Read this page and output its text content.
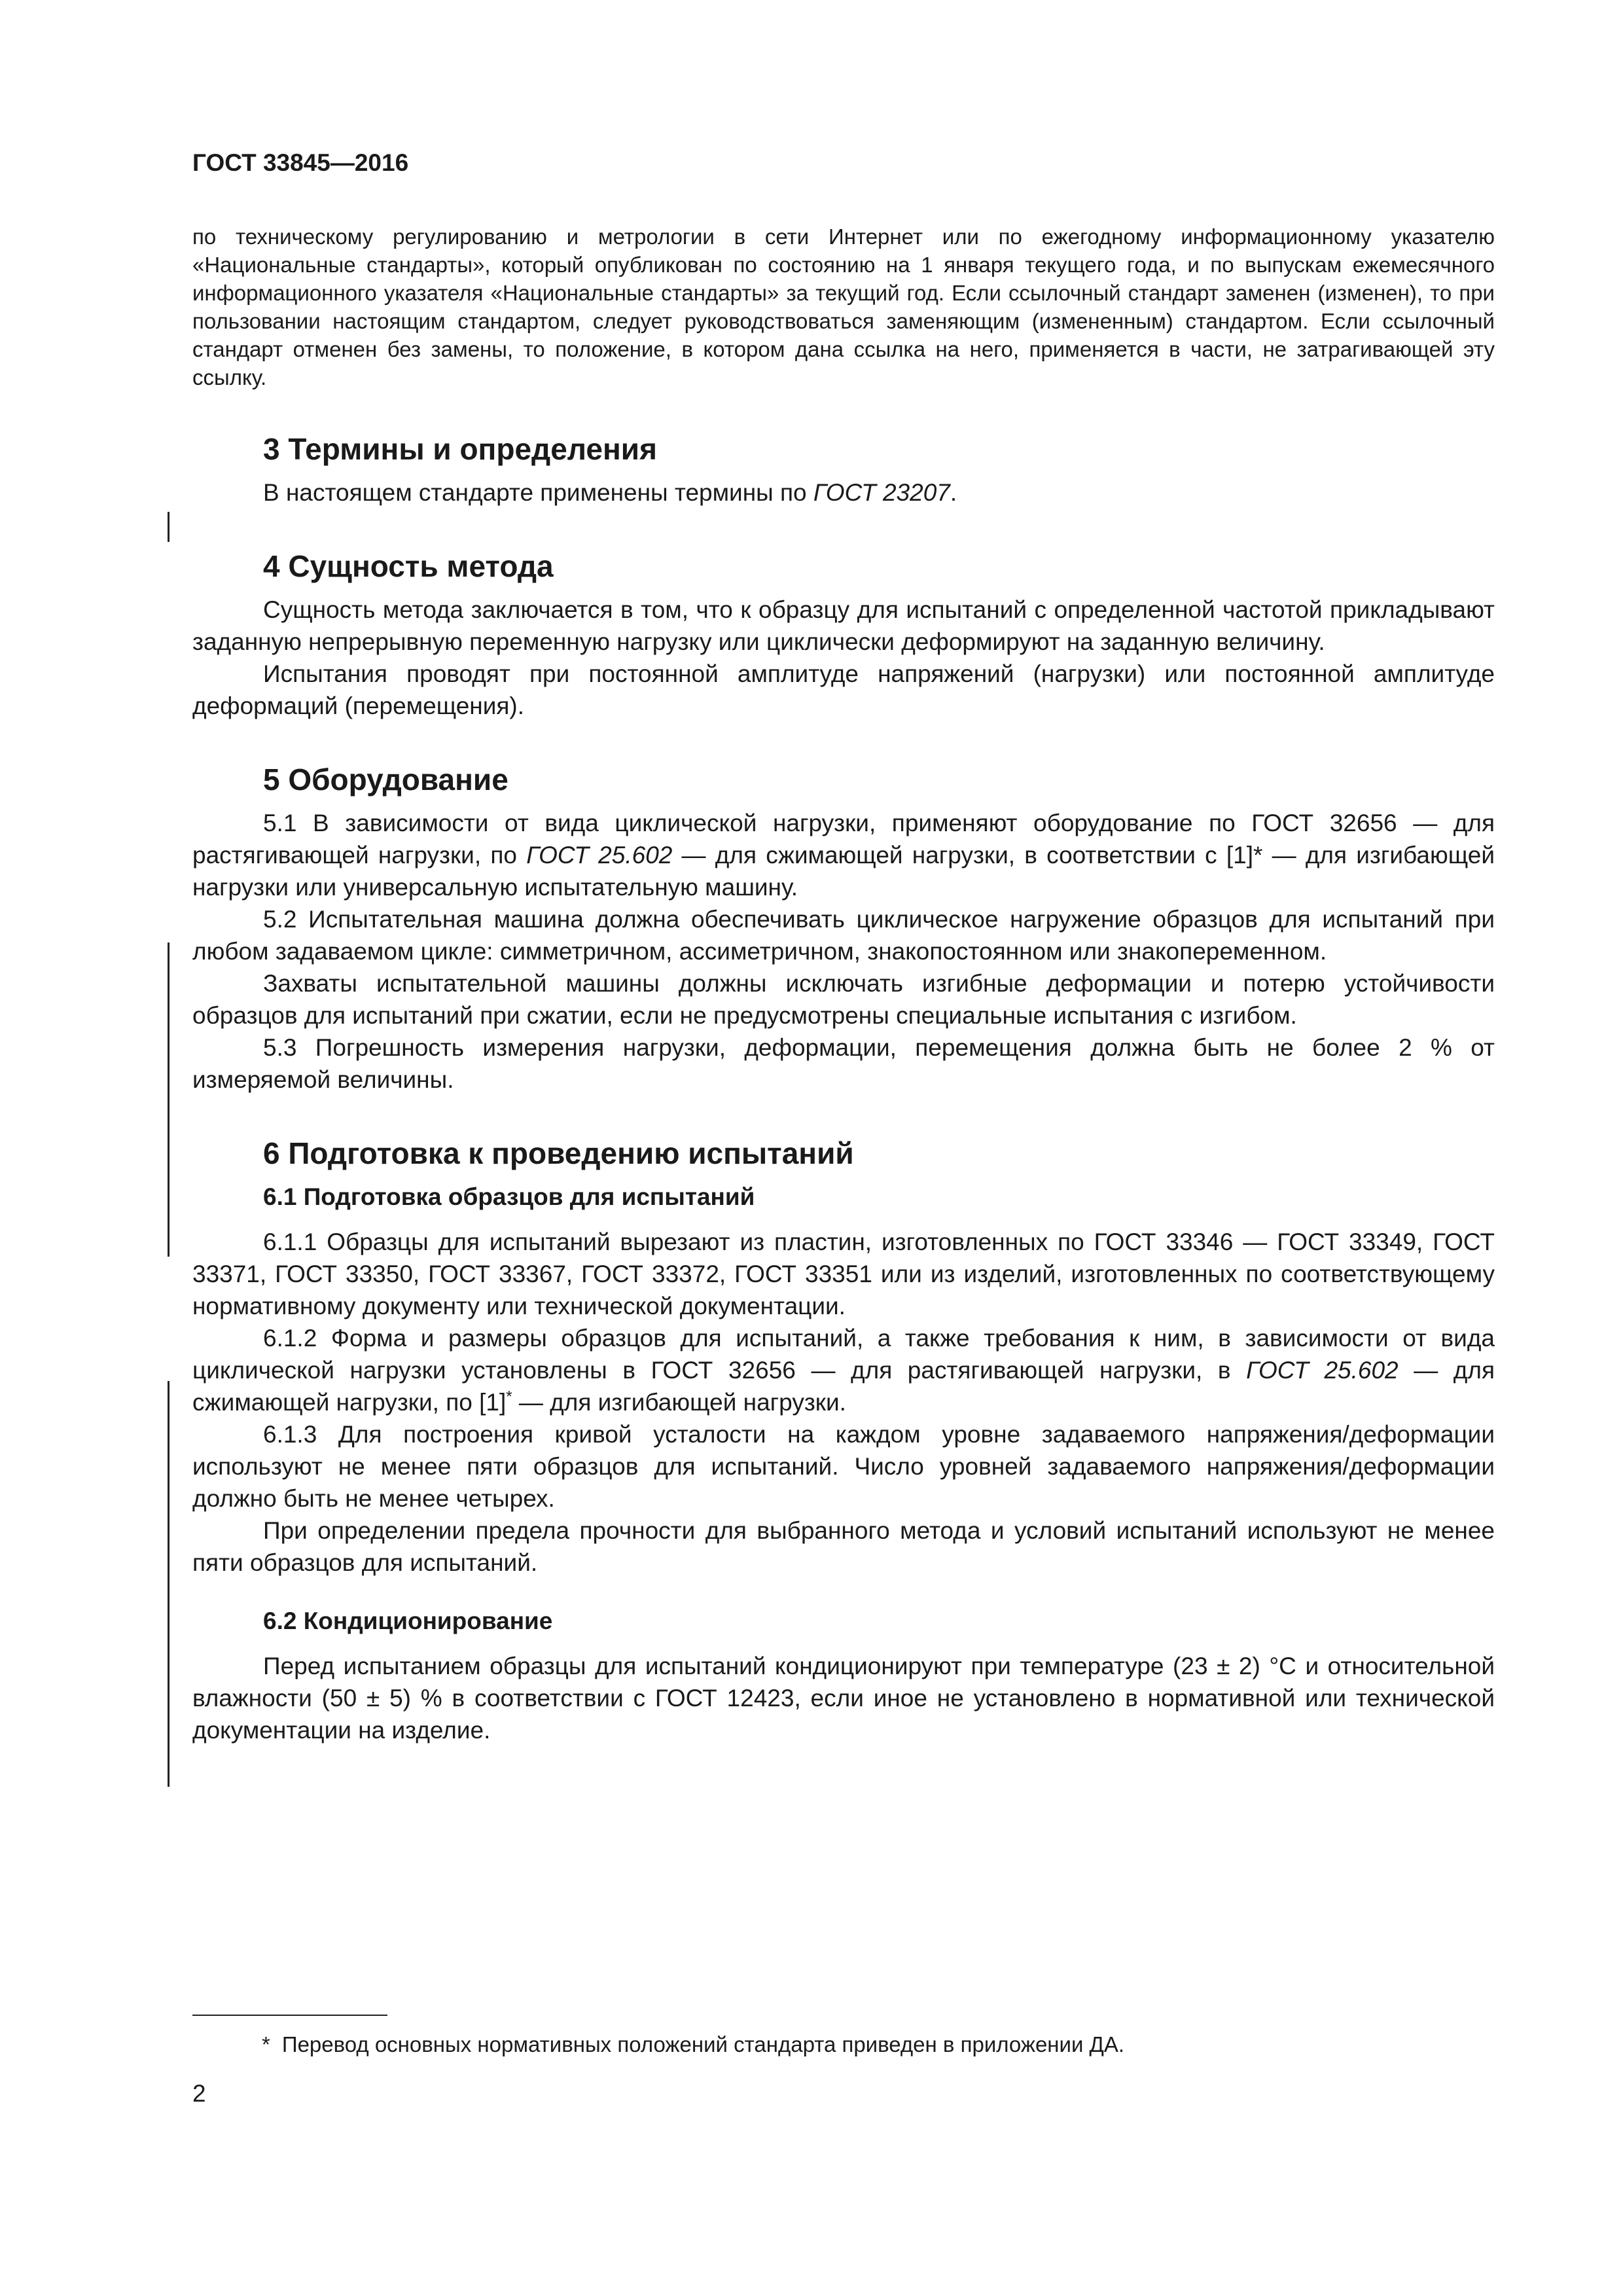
ГОСТ 33845—2016

по техническому регулированию и метрологии в сети Интернет или по ежегодному информационному указателю «Национальные стандарты», который опубликован по состоянию на 1 января текущего года, и по выпускам ежемесячного информационного указателя «Национальные стандарты» за текущий год. Если ссылочный стандарт заменен (изменен), то при пользовании настоящим стандартом, следует руководствоваться заменяющим (измененным) стандартом. Если ссылочный стандарт отменен без замены, то положение, в котором дана ссылка на него, применяется в части, не затрагивающей эту ссылку.

3 Термины и определения

В настоящем стандарте применены термины по ГОСТ 23207.

4 Сущность метода

Сущность метода заключается в том, что к образцу для испытаний с определенной частотой прикладывают заданную непрерывную переменную нагрузку или циклически деформируют на заданную величину.

Испытания проводят при постоянной амплитуде напряжений (нагрузки) или постоянной амплитуде деформаций (перемещения).

5 Оборудование

5.1 В зависимости от вида циклической нагрузки, применяют оборудование по ГОСТ 32656 — для растягивающей нагрузки, по ГОСТ 25.602 — для сжимающей нагрузки, в соответствии с [1]* — для изгибающей нагрузки или универсальную испытательную машину.

5.2 Испытательная машина должна обеспечивать циклическое нагружение образцов для испытаний при любом задаваемом цикле: симметричном, ассиметричном, знакопостоянном или знакопеременном.

Захваты испытательной машины должны исключать изгибные деформации и потерю устойчивости образцов для испытаний при сжатии, если не предусмотрены специальные испытания с изгибом.

5.3 Погрешность измерения нагрузки, деформации, перемещения должна быть не более 2 % от измеряемой величины.

6 Подготовка к проведению испытаний
6.1 Подготовка образцов для испытаний

6.1.1 Образцы для испытаний вырезают из пластин, изготовленных по ГОСТ 33346 — ГОСТ 33349, ГОСТ 33371, ГОСТ 33350, ГОСТ 33367, ГОСТ 33372, ГОСТ 33351 или из изделий, изготовленных по соответствующему нормативному документу или технической документации.

6.1.2 Форма и размеры образцов для испытаний, а также требования к ним, в зависимости от вида циклической нагрузки установлены в ГОСТ 32656 — для растягивающей нагрузки, в ГОСТ 25.602 — для сжимающей нагрузки, по [1]* — для изгибающей нагрузки.

6.1.3 Для построения кривой усталости на каждом уровне задаваемого напряжения/деформации используют не менее пяти образцов для испытаний. Число уровней задаваемого напряжения/деформации должно быть не менее четырех.

При определении предела прочности для выбранного метода и условий испытаний используют не менее пяти образцов для испытаний.

6.2 Кондиционирование

Перед испытанием образцы для испытаний кондиционируют при температуре (23 ± 2) °С и относительной влажности (50 ± 5) % в соответствии с ГОСТ 12423, если иное не установлено в нормативной или технической документации на изделие.

* Перевод основных нормативных положений стандарта приведен в приложении ДА.
2
